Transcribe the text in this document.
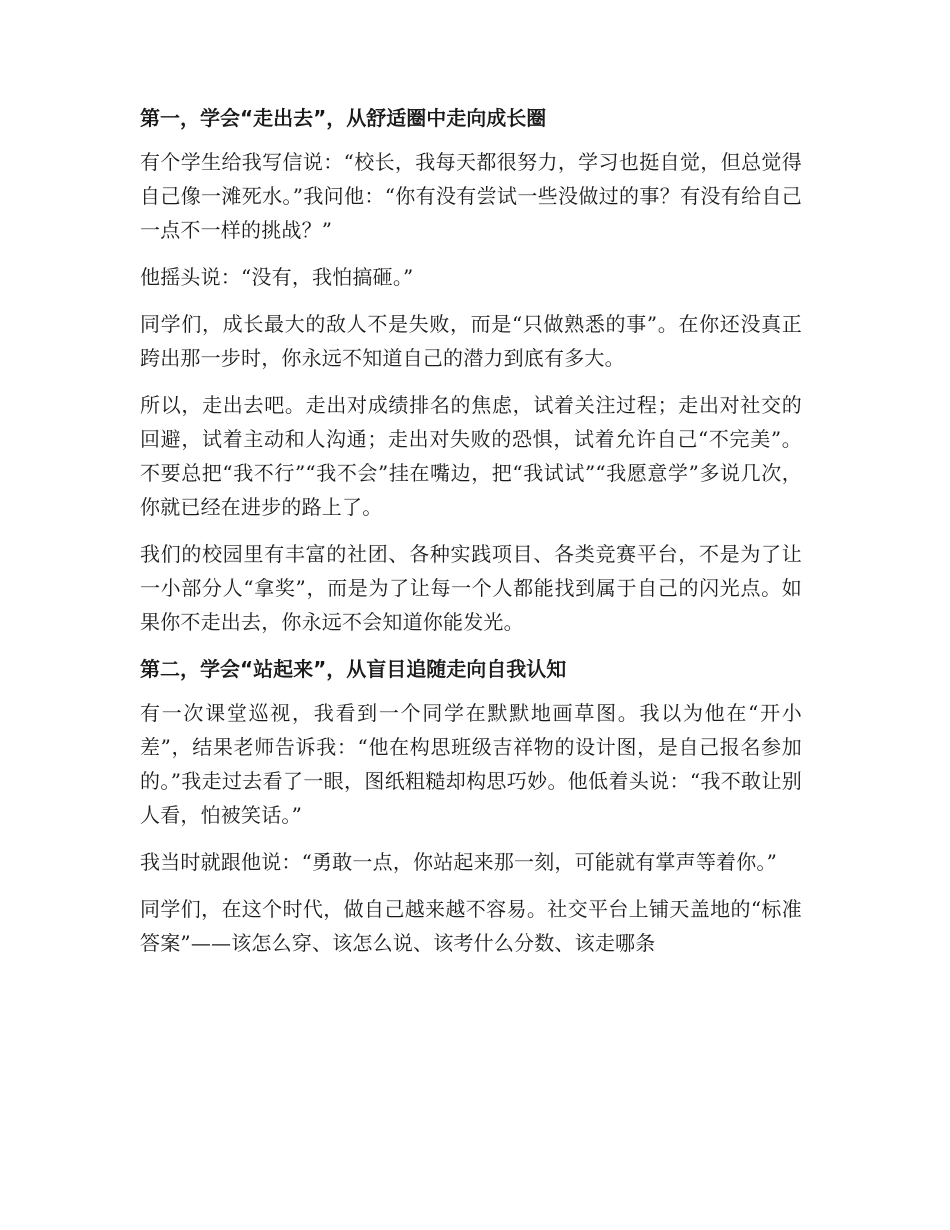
第一，学会“走出去”，从舒适圈中走向成长圈

有个学生给我写信说：“校长，我每天都很努力，学习也挺自觉，但总觉得自己像一滩死水。”我问他：“你有没有尝试一些没做过的事？有没有给自己一点不一样的挑战？”

他摇头说：“没有，我怕搞砸。”

同学们，成长最大的敌人不是失败，而是“只做熟悉的事”。在你还没真正跨出那一步时，你永远不知道自己的潜力到底有多大。

所以，走出去吧。走出对成绩排名的焦虑，试着关注过程；走出对社交的回避，试着主动和人沟通；走出对失败的恐惧，试着允许自己“不完美”。不要总把“我不行”“我不会”挂在嘴边，把“我试试”“我愿意学”多说几次，你就已经在进步的路上了。

我们的校园里有丰富的社团、各种实践项目、各类竞赛平台，不是为了让一小部分人“拿奖”，而是为了让每一个人都能找到属于自己的闪光点。如果你不走出去，你永远不会知道你能发光。

第二，学会“站起来”，从盲目追随走向自我认知

有一次课堂巡视，我看到一个同学在默默地画草图。我以为他在“开小差”，结果老师告诉我：“他在构思班级吉祥物的设计图，是自己报名参加的。”我走过去看了一眼，图纸粗糙却构思巧妙。他低着头说：“我不敢让别人看，怕被笑话。”

我当时就跟他说：“勇敢一点，你站起来那一刻，可能就有掌声等着你。”

同学们，在这个时代，做自己越来越不容易。社交平台上铺天盖地的“标准答案”——该怎么穿、该怎么说、该考什么分数、该走哪条
